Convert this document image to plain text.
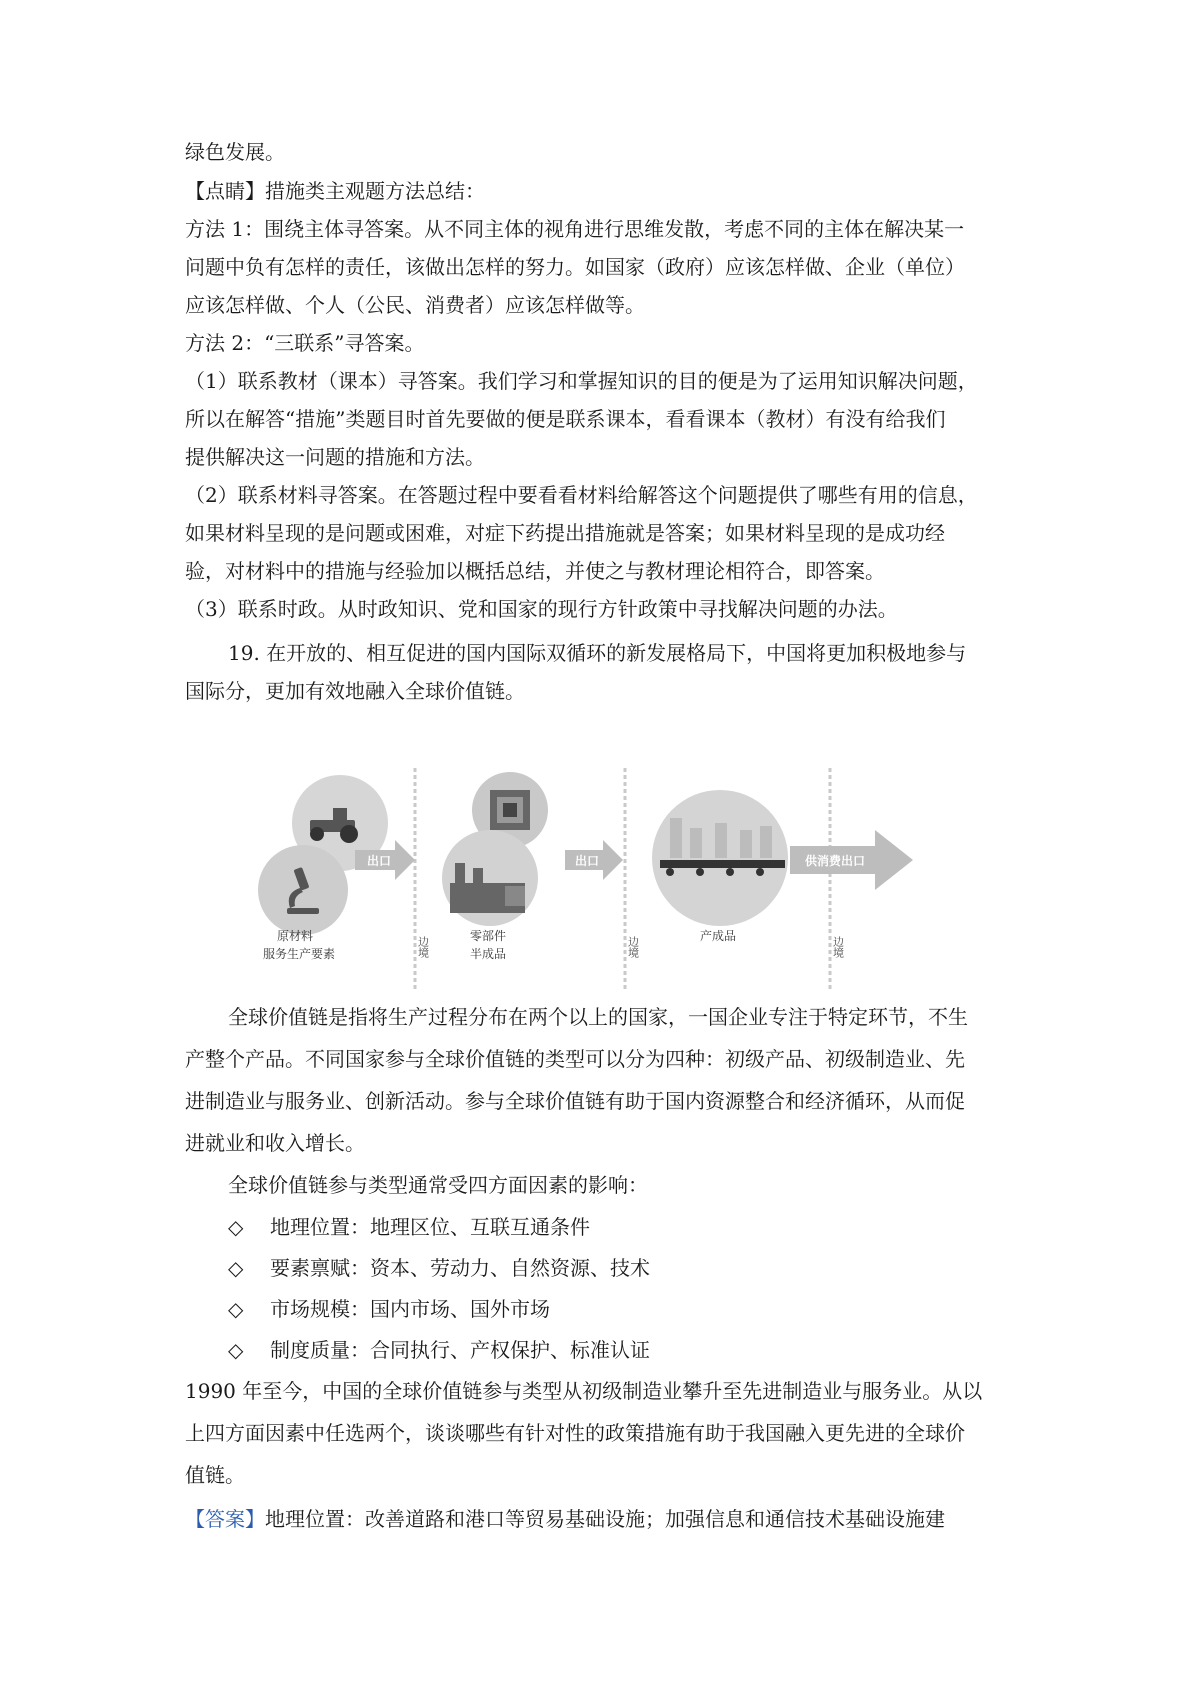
绿色发展。
【点睛】措施类主观题方法总结：
方法 1：围绕主体寻答案。从不同主体的视角进行思维发散，考虑不同的主体在解决某一
问题中负有怎样的责任，该做出怎样的努力。如国家（政府）应该怎样做、企业（单位）
应该怎样做、个人（公民、消费者）应该怎样做等。
方法 2：“三联系”寻答案。
（1）联系教材（课本）寻答案。我们学习和掌握知识的目的便是为了运用知识解决问题，
所以在解答“措施”类题目时首先要做的便是联系课本，看看课本（教材）有没有给我们
提供解决这一问题的措施和方法。
（2）联系材料寻答案。在答题过程中要看看材料给解答这个问题提供了哪些有用的信息，
如果材料呈现的是问题或困难，对症下药提出措施就是答案；如果材料呈现的是成功经
验，对材料中的措施与经验加以概括总结，并使之与教材理论相符合，即答案。
（3）联系时政。从时政知识、党和国家的现行方针政策中寻找解决问题的办法。
19. 在开放的、相互促进的国内国际双循环的新发展格局下，中国将更加积极地参与
国际分，更加有效地融入全球价值链。
出口	出口	供消费出口
原材料
服务生产要素
零部件
半成品
产成品
边境	边境	边境
全球价值链是指将生产过程分布在两个以上的国家，一国企业专注于特定环节，不生
产整个产品。不同国家参与全球价值链的类型可以分为四种：初级产品、初级制造业、先
进制造业与服务业、创新活动。参与全球价值链有助于国内资源整合和经济循环，从而促
进就业和收入增长。
全球价值链参与类型通常受四方面因素的影响：
◇ 地理位置：地理区位、互联互通条件
◇ 要素禀赋：资本、劳动力、自然资源、技术
◇ 市场规模：国内市场、国外市场
◇ 制度质量：合同执行、产权保护、标准认证
1990 年至今，中国的全球价值链参与类型从初级制造业攀升至先进制造业与服务业。从以
上四方面因素中任选两个，谈谈哪些有针对性的政策措施有助于我国融入更先进的全球价
值链。
【答案】地理位置：改善道路和港口等贸易基础设施；加强信息和通信技术基础设施建
